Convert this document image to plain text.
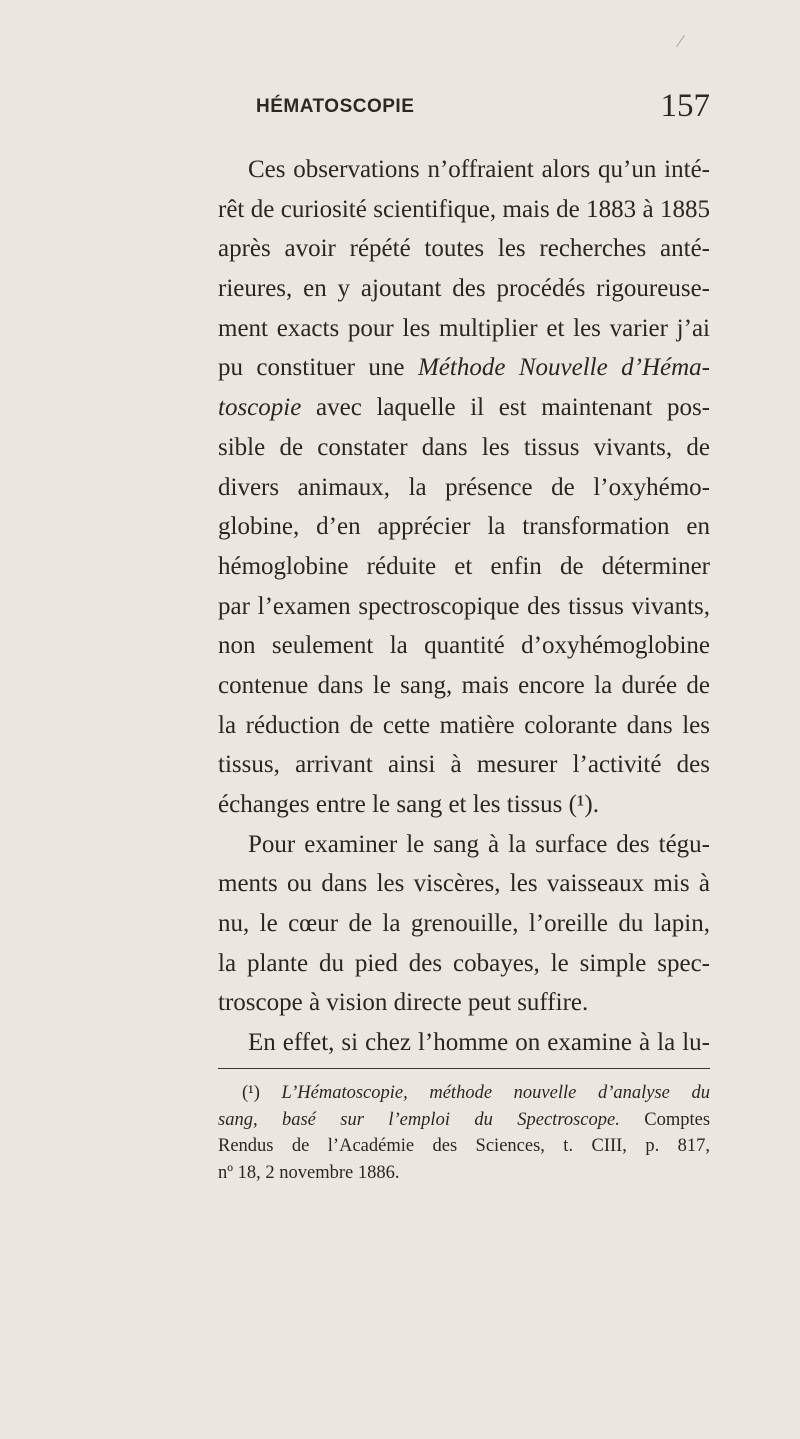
HÉMATOSCOPIE	157
Ces observations n’offraient alors qu’un inté-
rêt de curiosité scientifique, mais de 1883 à 1885
après avoir répété toutes les recherches anté-
rieures, en y ajoutant des procédés rigoureuse-
ment exacts pour les multiplier et les varier j’ai
pu constituer une Méthode Nouvelle d’Héma-
toscopie avec laquelle il est maintenant pos-
sible de constater dans les tissus vivants, de
divers animaux, la présence de l’oxyhémo-
globine, d’en apprécier la transformation en
hémoglobine réduite et enfin de déterminer
par l’examen spectroscopique des tissus vivants,
non seulement la quantité d’oxyhémoglobine
contenue dans le sang, mais encore la durée de
la réduction de cette matière colorante dans les
tissus, arrivant ainsi à mesurer l’activité des
échanges entre le sang et les tissus (¹).
Pour examiner le sang à la surface des tégu-
ments ou dans les viscères, les vaisseaux mis à
nu, le cœur de la grenouille, l’oreille du lapin,
la plante du pied des cobayes, le simple spec-
troscope à vision directe peut suffire.
En effet, si chez l’homme on examine à la lu-
(¹) L’Hématoscopie, méthode nouvelle d’analyse du
sang, basé sur l’emploi du Spectroscope. Comptes
Rendus de l’Académie des Sciences, t. CIII, p. 817,
nº 18, 2 novembre 1886.
